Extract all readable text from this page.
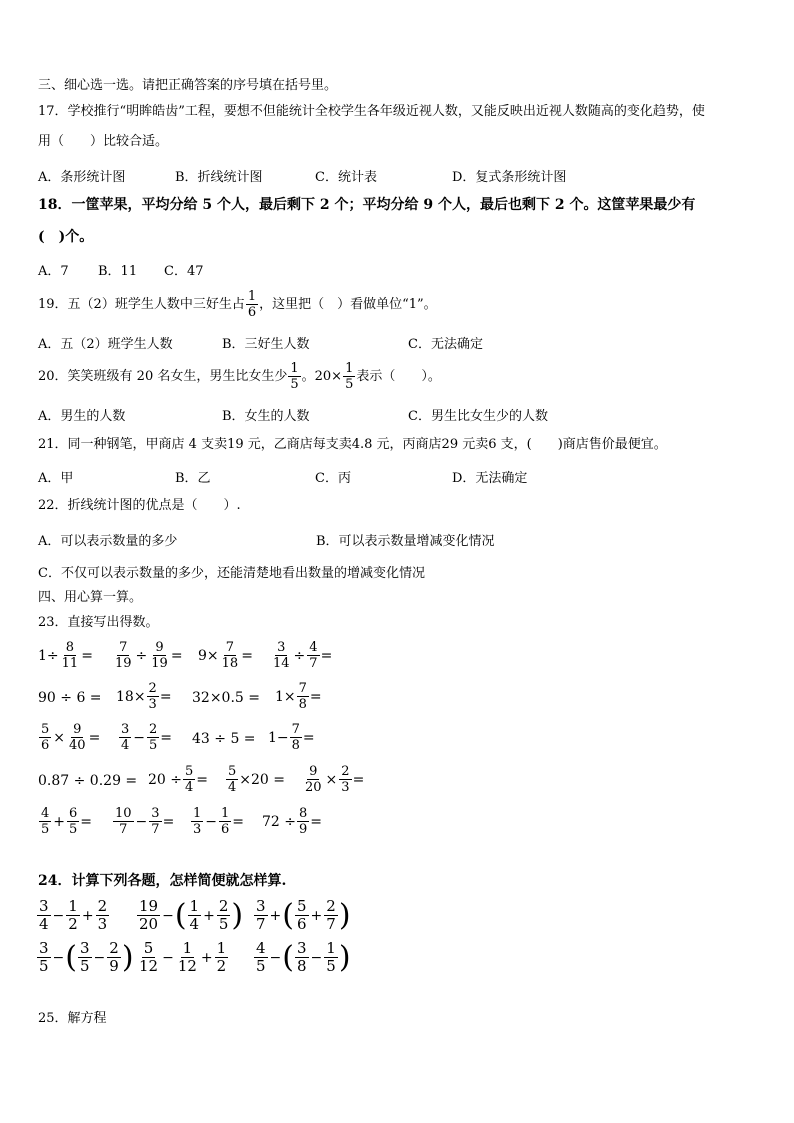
三、细心选一选。请把正确答案的序号填在括号里。
17．学校推行“明眸皓齿”工程，要想不但能统计全校学生各年级近视人数，又能反映出近视人数随高的变化趋势，使
用（　　）比较合适。
A．条形统计图	B．折线统计图	C．统计表	D．复式条形统计图
18．一筐苹果，平均分给 5 个人，最后剩下 2 个；平均分给 9 个人，最后也剩下 2 个。这筐苹果最少有
(　)个。
A．7 B．11 C．47
19．五（2）班学生人数中三好生占 $\frac{1}{6}$ ，这里把（　）看做单位“1”。
A．五（2）班学生人数	B．三好生人数	C．无法确定
20．笑笑班级有 20 名女生，男生比女生少 $\frac{1}{5}$ 。$20\times \frac{1}{5}$ 表示（　　）。
A．男生的人数	B．女生的人数	C．男生比女生少的人数
21．同一种钢笔，甲商店 4 支卖19 元，乙商店每支卖4.8 元，丙商店29 元卖6 支，(　　)商店售价最便宜。
A．甲	B．乙	C．丙	D．无法确定
22．折线统计图的优点是（　　）.
A．可以表示数量的多少	B．可以表示数量增减变化情况
C．不仅可以表示数量的多少，还能清楚地看出数量的增减变化情况
四、用心算一算。
23．直接写出得数。
$1\div \frac{8}{11} = \frac{7}{19} \div \frac{9}{19} = 9\times \frac{7}{18} = \frac{3}{14} \div \frac{4}{7}$ =
$90 \div 6 = 18\times \frac{2}{3} = 32\times 0.5 = 1\times \frac{7}{8}$ =
$\frac{5}{6} \times \frac{9}{40} = \frac{3}{4} - \frac{2}{5} = 43 \div 5 = 1- \frac{7}{8}$ =
$0.87 \div 0.29 = 20 \div \frac{5}{4} = \frac{5}{4} \times 20 = \frac{9}{20} \times \frac{2}{3}$ =
$\frac{4}{5} + \frac{6}{5} = \frac{10}{7} - \frac{3}{7} = \frac{1}{3} - \frac{1}{6} = 72 \div \frac{8}{9}$ =
24．计算下列各题，怎样简便就怎样算.
$\frac{3}{4} - \frac{1}{2} + \frac{2}{3} \frac{19}{20}$ − ( $\frac{1}{4} + \frac{2}{5}$ ) $\frac{3}{7}$ + ( $\frac{5}{6} + \frac{2}{7}$ )
$\frac{3}{5}$ − ( $\frac{3}{5} - \frac{2}{9}$ ) $\frac{5}{12} - \frac{1}{12} + \frac{1}{2} \frac{4}{5}$ − ( $\frac{3}{8} - \frac{1}{5}$ )
25．解方程
